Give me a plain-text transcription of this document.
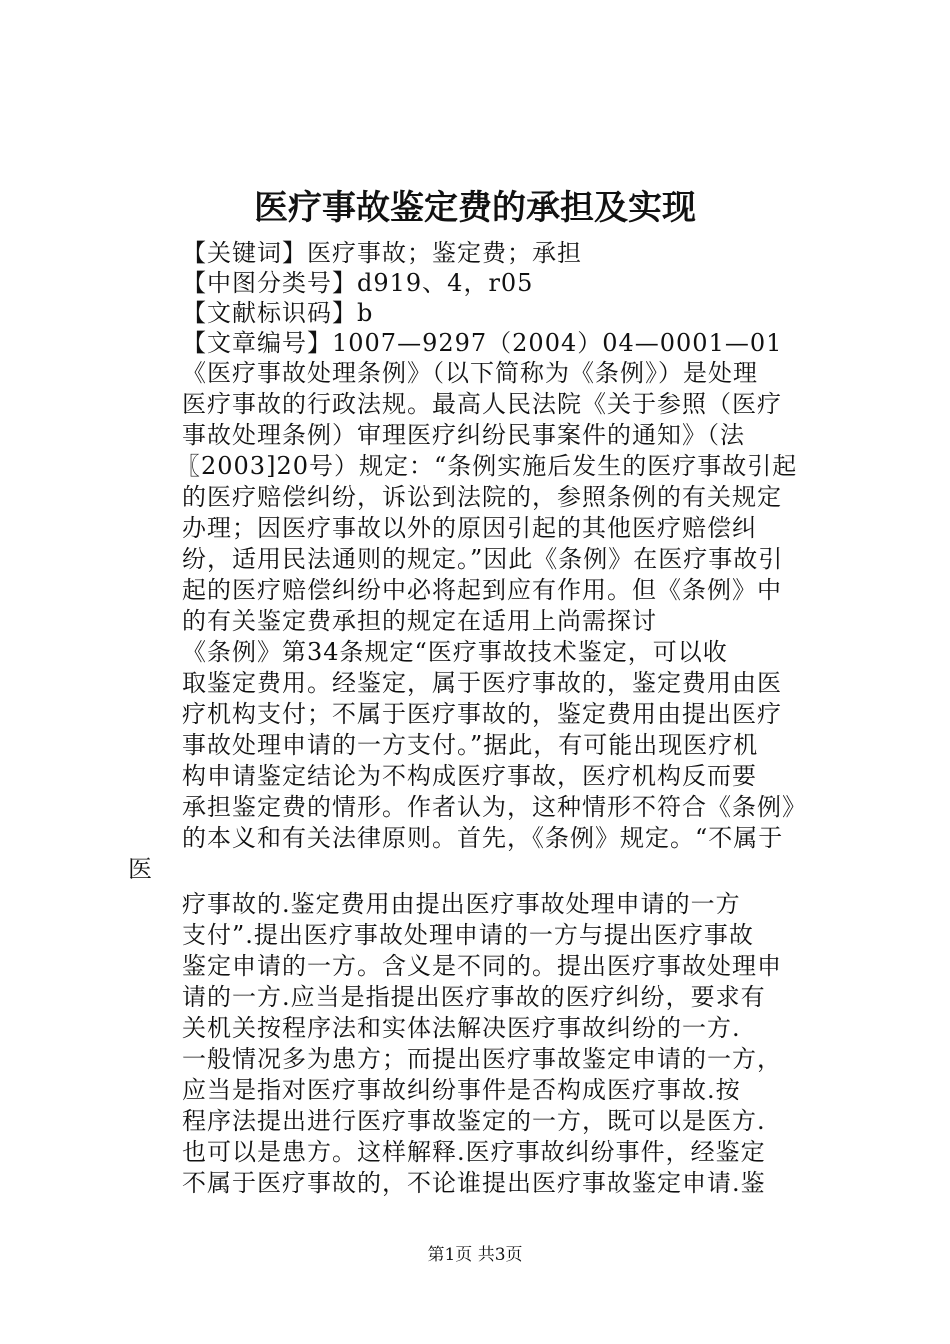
医疗事故鉴定费的承担及实现
【关键词】医疗事故；鉴定费；承担
【中图分类号】d919、4，r05
【文献标识码】b
【文章编号】1007—9297（2004）04—0001—01
《医疗事故处理条例》（以下简称为《条例》）是处理
医疗事故的行政法规。最高人民法院《关于参照（医疗
事故处理条例）审理医疗纠纷民事案件的通知》（法
〖2003]20号）规定：“条例实施后发生的医疗事故引起
的医疗赔偿纠纷，诉讼到法院的，参照条例的有关规定
办理；因医疗事故以外的原因引起的其他医疗赔偿纠
纷，适用民法通则的规定。”因此《条例》在医疗事故引
起的医疗赔偿纠纷中必将起到应有作用。但《条例》中
的有关鉴定费承担的规定在适用上尚需探讨
《条例》第34条规定“医疗事故技术鉴定，可以收
取鉴定费用。经鉴定，属于医疗事故的，鉴定费用由医
疗机构支付；不属于医疗事故的，鉴定费用由提出医疗
事故处理申请的一方支付。”据此，有可能出现医疗机
构申请鉴定结论为不构成医疗事故，医疗机构反而要
承担鉴定费的情形。作者认为，这种情形不符合《条例》
的本义和有关法律原则。首先，《条例》规定。“不属于
医
疗事故的.鉴定费用由提出医疗事故处理申请的一方
支付”.提出医疗事故处理申请的一方与提出医疗事故
鉴定申请的一方。含义是不同的。提出医疗事故处理申
请的一方.应当是指提出医疗事故的医疗纠纷，要求有
关机关按程序法和实体法解决医疗事故纠纷的一方.
一般情况多为患方；而提出医疗事故鉴定申请的一方，
应当是指对医疗事故纠纷事件是否构成医疗事故.按
程序法提出进行医疗事故鉴定的一方，既可以是医方.
也可以是患方。这样解释.医疗事故纠纷事件，经鉴定
不属于医疗事故的，不论谁提出医疗事故鉴定申请.鉴
第1页 共3页
